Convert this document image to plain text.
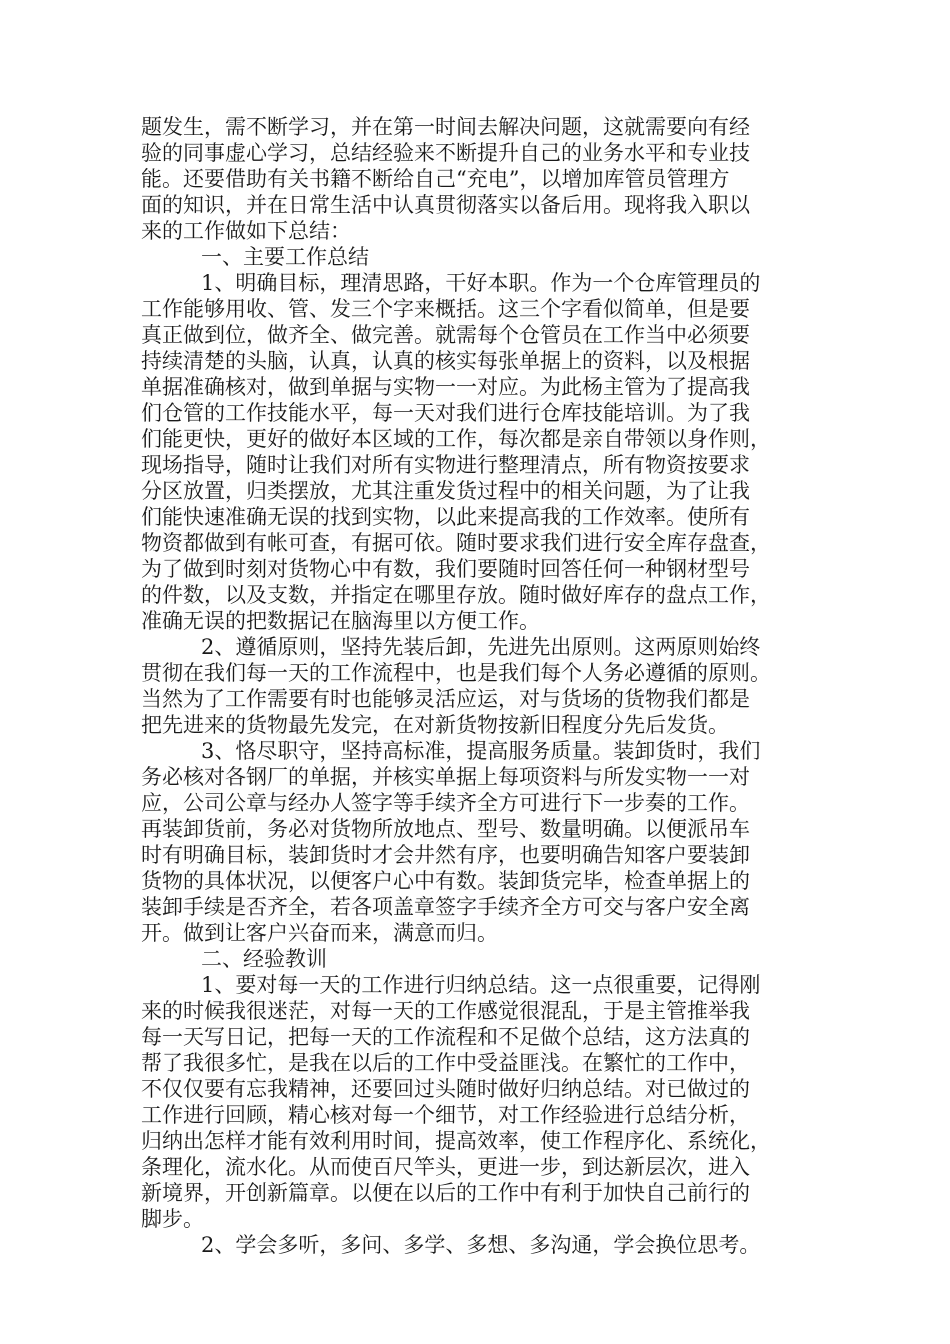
题发生，需不断学习，并在第一时间去解决问题，这就需要向有经
验的同事虚心学习，总结经验来不断提升自己的业务水平和专业技
能。还要借助有关书籍不断给自己“充电”，以增加库管员管理方
面的知识，并在日常生活中认真贯彻落实以备后用。现将我入职以
来的工作做如下总结：
一、主要工作总结
1、明确目标，理清思路，干好本职。作为一个仓库管理员的
工作能够用收、管、发三个字来概括。这三个字看似简单，但是要
真正做到位，做齐全、做完善。就需每个仓管员在工作当中必须要
持续清楚的头脑，认真，认真的核实每张单据上的资料，以及根据
单据准确核对，做到单据与实物一一对应。为此杨主管为了提高我
们仓管的工作技能水平，每一天对我们进行仓库技能培训。为了我
们能更快，更好的做好本区域的工作，每次都是亲自带领以身作则，
现场指导，随时让我们对所有实物进行整理清点，所有物资按要求
分区放置，归类摆放，尤其注重发货过程中的相关问题，为了让我
们能快速准确无误的找到实物，以此来提高我的工作效率。使所有
物资都做到有帐可查，有据可依。随时要求我们进行安全库存盘查，
为了做到时刻对货物心中有数，我们要随时回答任何一种钢材型号
的件数，以及支数，并指定在哪里存放。随时做好库存的盘点工作，
准确无误的把数据记在脑海里以方便工作。
2、遵循原则，坚持先装后卸，先进先出原则。这两原则始终
贯彻在我们每一天的工作流程中，也是我们每个人务必遵循的原则。
当然为了工作需要有时也能够灵活应运，对与货场的货物我们都是
把先进来的货物最先发完，在对新货物按新旧程度分先后发货。
3、恪尽职守，坚持高标准，提高服务质量。装卸货时，我们
务必核对各钢厂的单据，并核实单据上每项资料与所发实物一一对
应，公司公章与经办人签字等手续齐全方可进行下一步奏的工作。
再装卸货前，务必对货物所放地点、型号、数量明确。以便派吊车
时有明确目标，装卸货时才会井然有序，也要明确告知客户要装卸
货物的具体状况，以便客户心中有数。装卸货完毕，检查单据上的
装卸手续是否齐全，若各项盖章签字手续齐全方可交与客户安全离
开。做到让客户兴奋而来，满意而归。
二、经验教训
1、要对每一天的工作进行归纳总结。这一点很重要，记得刚
来的时候我很迷茫，对每一天的工作感觉很混乱，于是主管推举我
每一天写日记，把每一天的工作流程和不足做个总结，这方法真的
帮了我很多忙，是我在以后的工作中受益匪浅。在繁忙的工作中，
不仅仅要有忘我精神，还要回过头随时做好归纳总结。对已做过的
工作进行回顾，精心核对每一个细节，对工作经验进行总结分析，
归纳出怎样才能有效利用时间，提高效率，使工作程序化、系统化，
条理化，流水化。从而使百尺竿头，更进一步，到达新层次，进入
新境界，开创新篇章。以便在以后的工作中有利于加快自己前行的
脚步。
2、学会多听，多问、多学、多想、多沟通，学会换位思考。
